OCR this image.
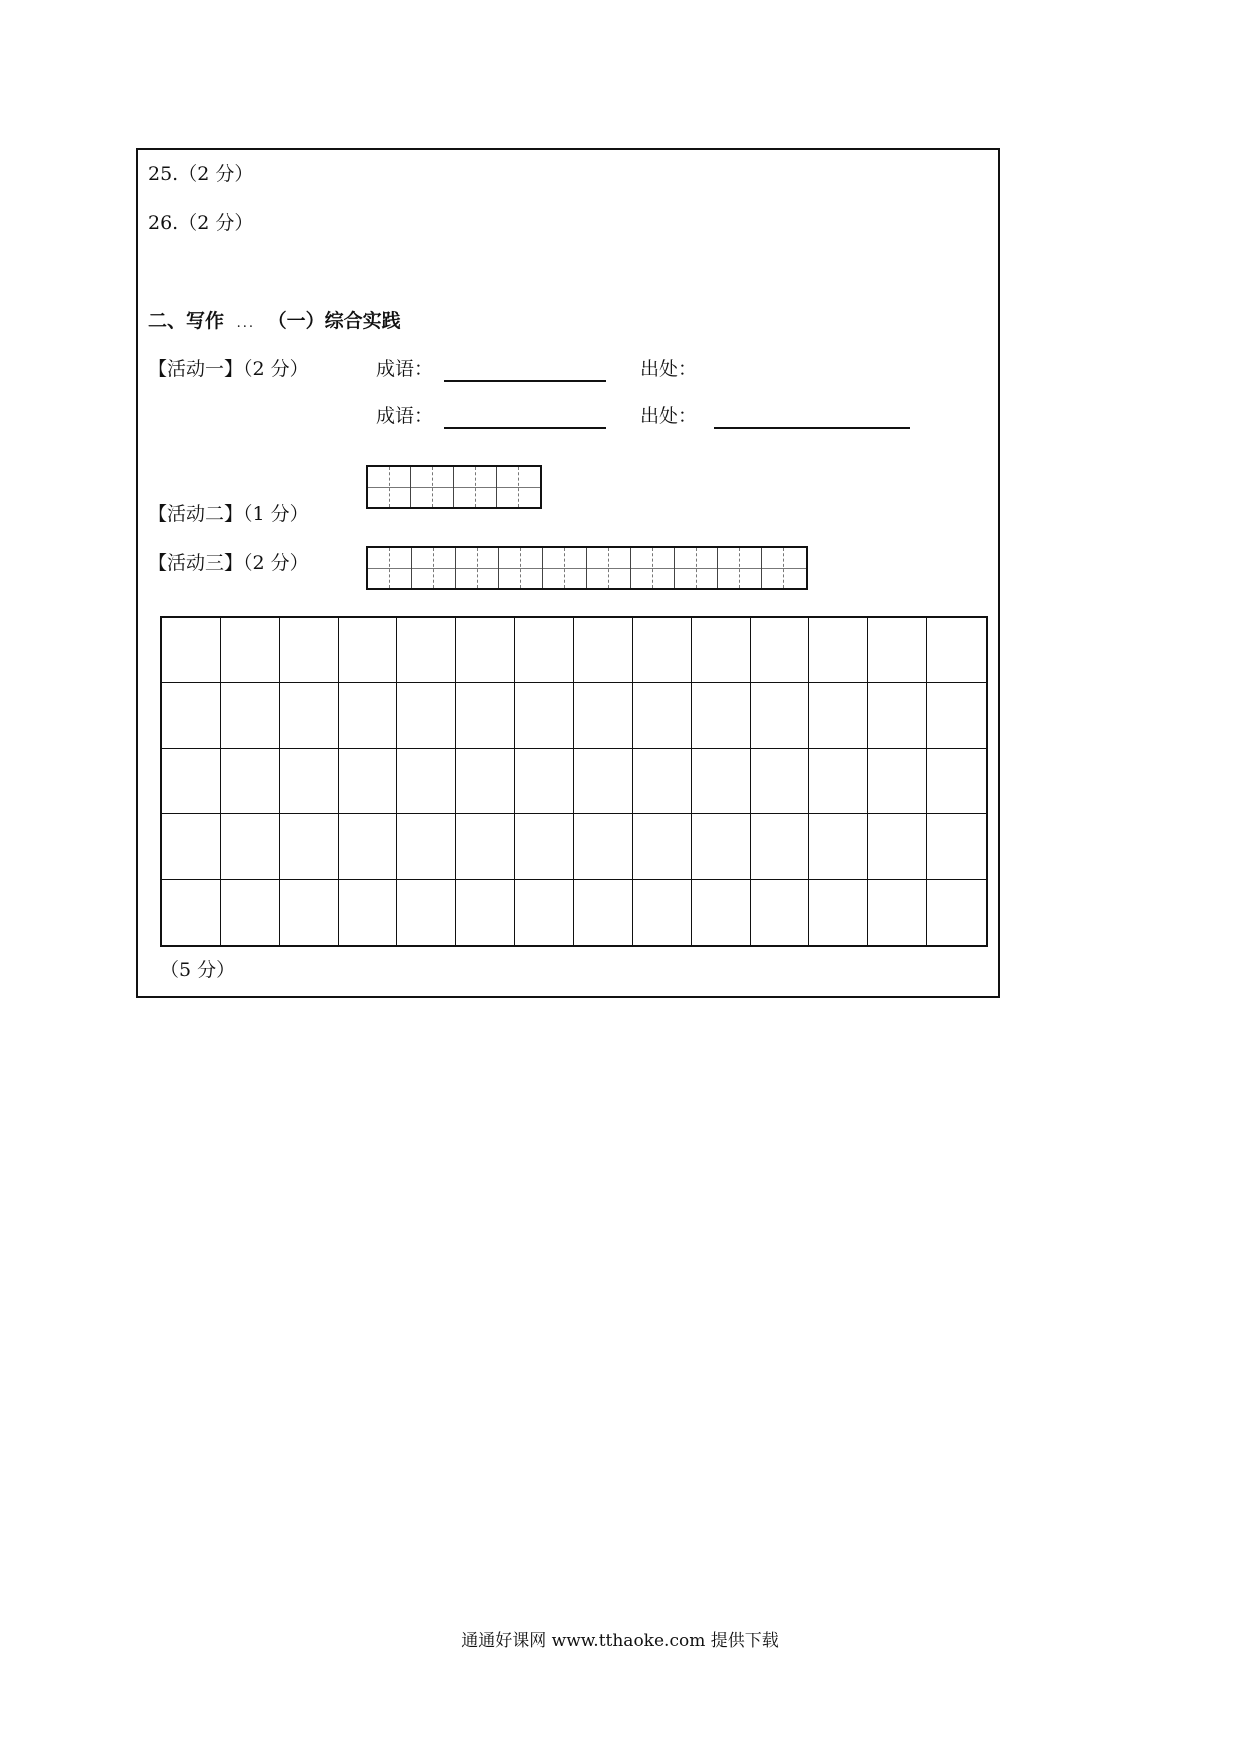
25.（2 分）
26.（2 分）
二、写作 ... （一）综合实践
【活动一】（2 分）	成语：	出处：
成语：	出处：
【活动二】（1 分）
【活动三】（2 分）
（5 分）
通通好课网 www.tthaoke.com 提供下载
